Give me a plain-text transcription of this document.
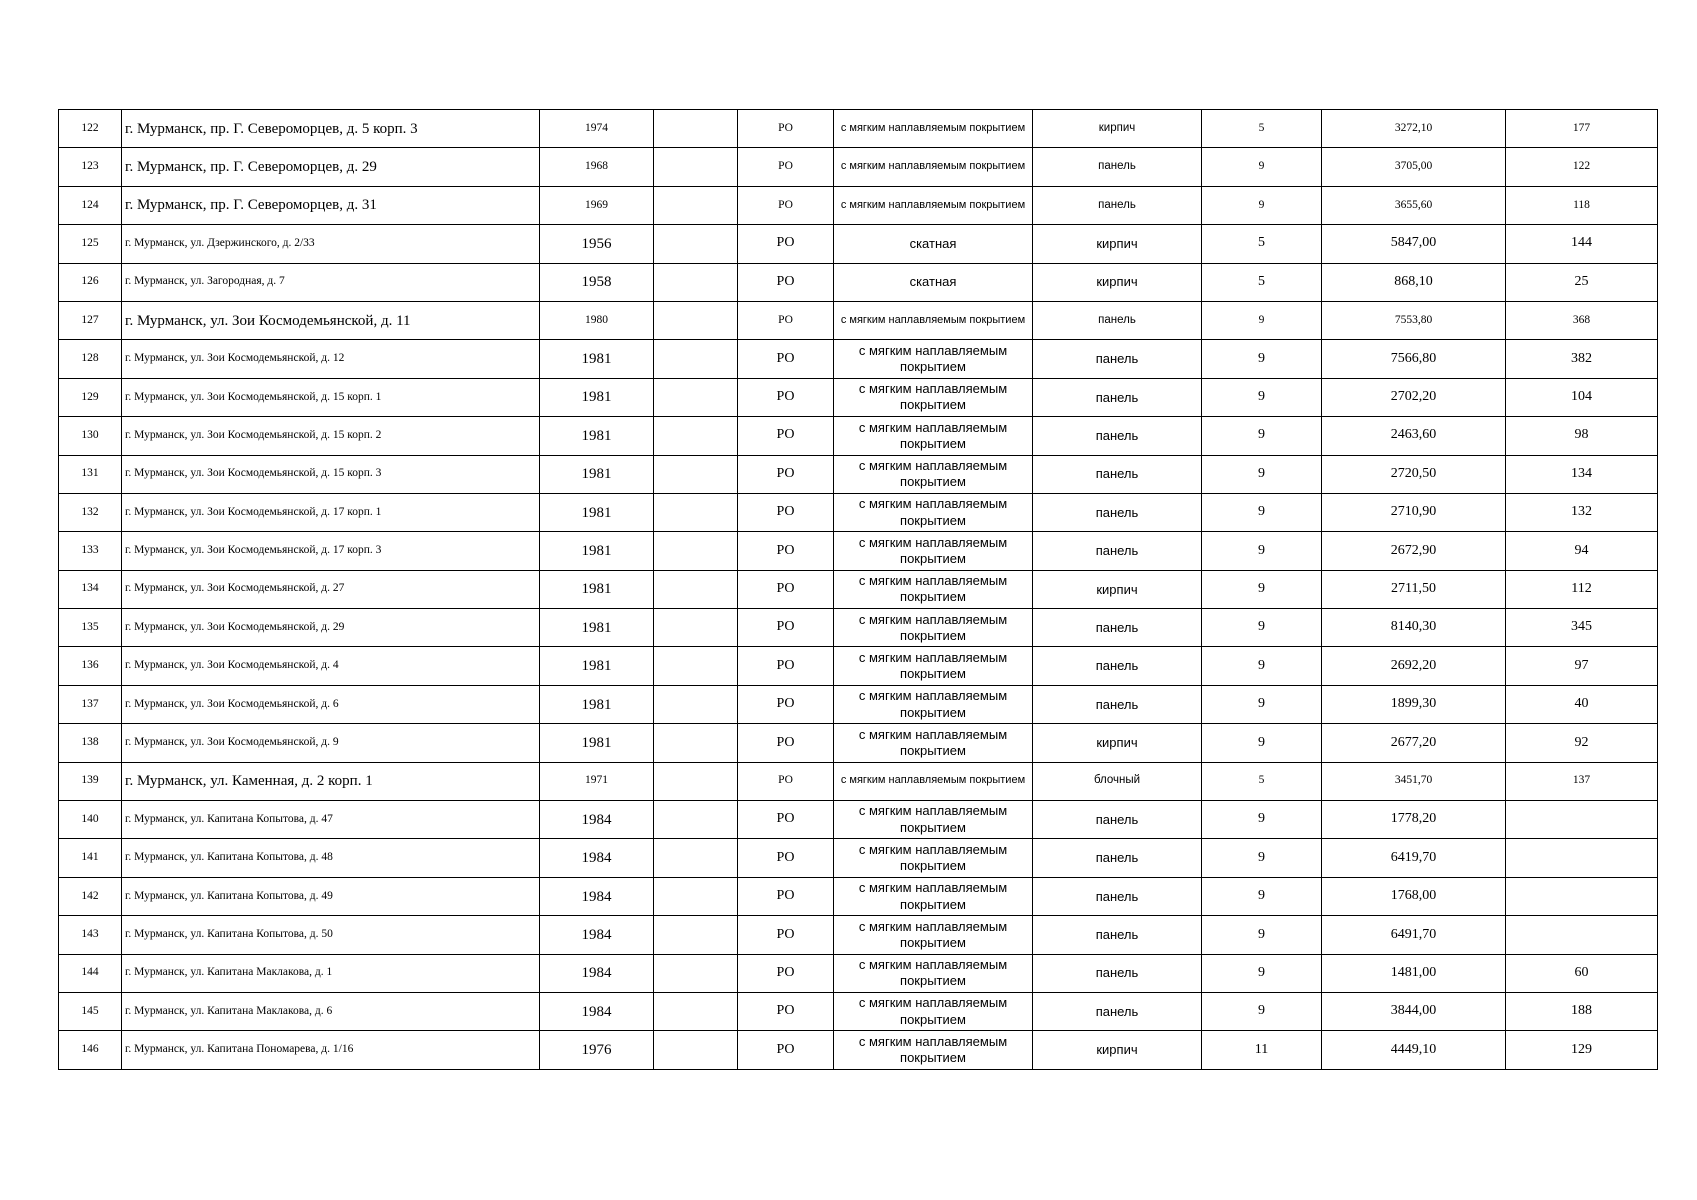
122	г. Мурманск, пр. Г. Североморцев, д. 5 корп. 3	1974		РО	с мягким наплавляемым покрытием	кирпич	5	3272,10	177
123	г. Мурманск, пр. Г. Североморцев, д. 29	1968		РО	с мягким наплавляемым покрытием	панель	9	3705,00	122
124	г. Мурманск, пр. Г. Североморцев, д. 31	1969		РО	с мягким наплавляемым покрытием	панель	9	3655,60	118
125	г. Мурманск, ул. Дзержинского, д. 2/33	1956		РО	скатная	кирпич	5	5847,00	144
126	г. Мурманск, ул. Загородная, д. 7	1958		РО	скатная	кирпич	5	868,10	25
127	г. Мурманск, ул. Зои Космодемьянской, д. 11	1980		РО	с мягким наплавляемым покрытием	панель	9	7553,80	368
128	г. Мурманск, ул. Зои Космодемьянской, д. 12	1981		РО	с мягким наплавляемым покрытием	панель	9	7566,80	382
129	г. Мурманск, ул. Зои Космодемьянской, д. 15 корп. 1	1981		РО	с мягким наплавляемым покрытием	панель	9	2702,20	104
130	г. Мурманск, ул. Зои Космодемьянской, д. 15 корп. 2	1981		РО	с мягким наплавляемым покрытием	панель	9	2463,60	98
131	г. Мурманск, ул. Зои Космодемьянской, д. 15 корп. 3	1981		РО	с мягким наплавляемым покрытием	панель	9	2720,50	134
132	г. Мурманск, ул. Зои Космодемьянской, д. 17 корп. 1	1981		РО	с мягким наплавляемым покрытием	панель	9	2710,90	132
133	г. Мурманск, ул. Зои Космодемьянской, д. 17 корп. 3	1981		РО	с мягким наплавляемым покрытием	панель	9	2672,90	94
134	г. Мурманск, ул. Зои Космодемьянской, д. 27	1981		РО	с мягким наплавляемым покрытием	кирпич	9	2711,50	112
135	г. Мурманск, ул. Зои Космодемьянской, д. 29	1981		РО	с мягким наплавляемым покрытием	панель	9	8140,30	345
136	г. Мурманск, ул. Зои Космодемьянской, д. 4	1981		РО	с мягким наплавляемым покрытием	панель	9	2692,20	97
137	г. Мурманск, ул. Зои Космодемьянской, д. 6	1981		РО	с мягким наплавляемым покрытием	панель	9	1899,30	40
138	г. Мурманск, ул. Зои Космодемьянской, д. 9	1981		РО	с мягким наплавляемым покрытием	кирпич	9	2677,20	92
139	г. Мурманск, ул. Каменная, д. 2 корп. 1	1971		РО	с мягким наплавляемым покрытием	блочный	5	3451,70	137
140	г. Мурманск, ул. Капитана Копытова, д. 47	1984		РО	с мягким наплавляемым покрытием	панель	9	1778,20	
141	г. Мурманск, ул. Капитана Копытова, д. 48	1984		РО	с мягким наплавляемым покрытием	панель	9	6419,70	
142	г. Мурманск, ул. Капитана Копытова, д. 49	1984		РО	с мягким наплавляемым покрытием	панель	9	1768,00	
143	г. Мурманск, ул. Капитана Копытова, д. 50	1984		РО	с мягким наплавляемым покрытием	панель	9	6491,70	
144	г. Мурманск, ул. Капитана Маклакова, д. 1	1984		РО	с мягким наплавляемым покрытием	панель	9	1481,00	60
145	г. Мурманск, ул. Капитана Маклакова, д. 6	1984		РО	с мягким наплавляемым покрытием	панель	9	3844,00	188
146	г. Мурманск, ул. Капитана Пономарева, д. 1/16	1976		РО	с мягким наплавляемым покрытием	кирпич	11	4449,10	129
